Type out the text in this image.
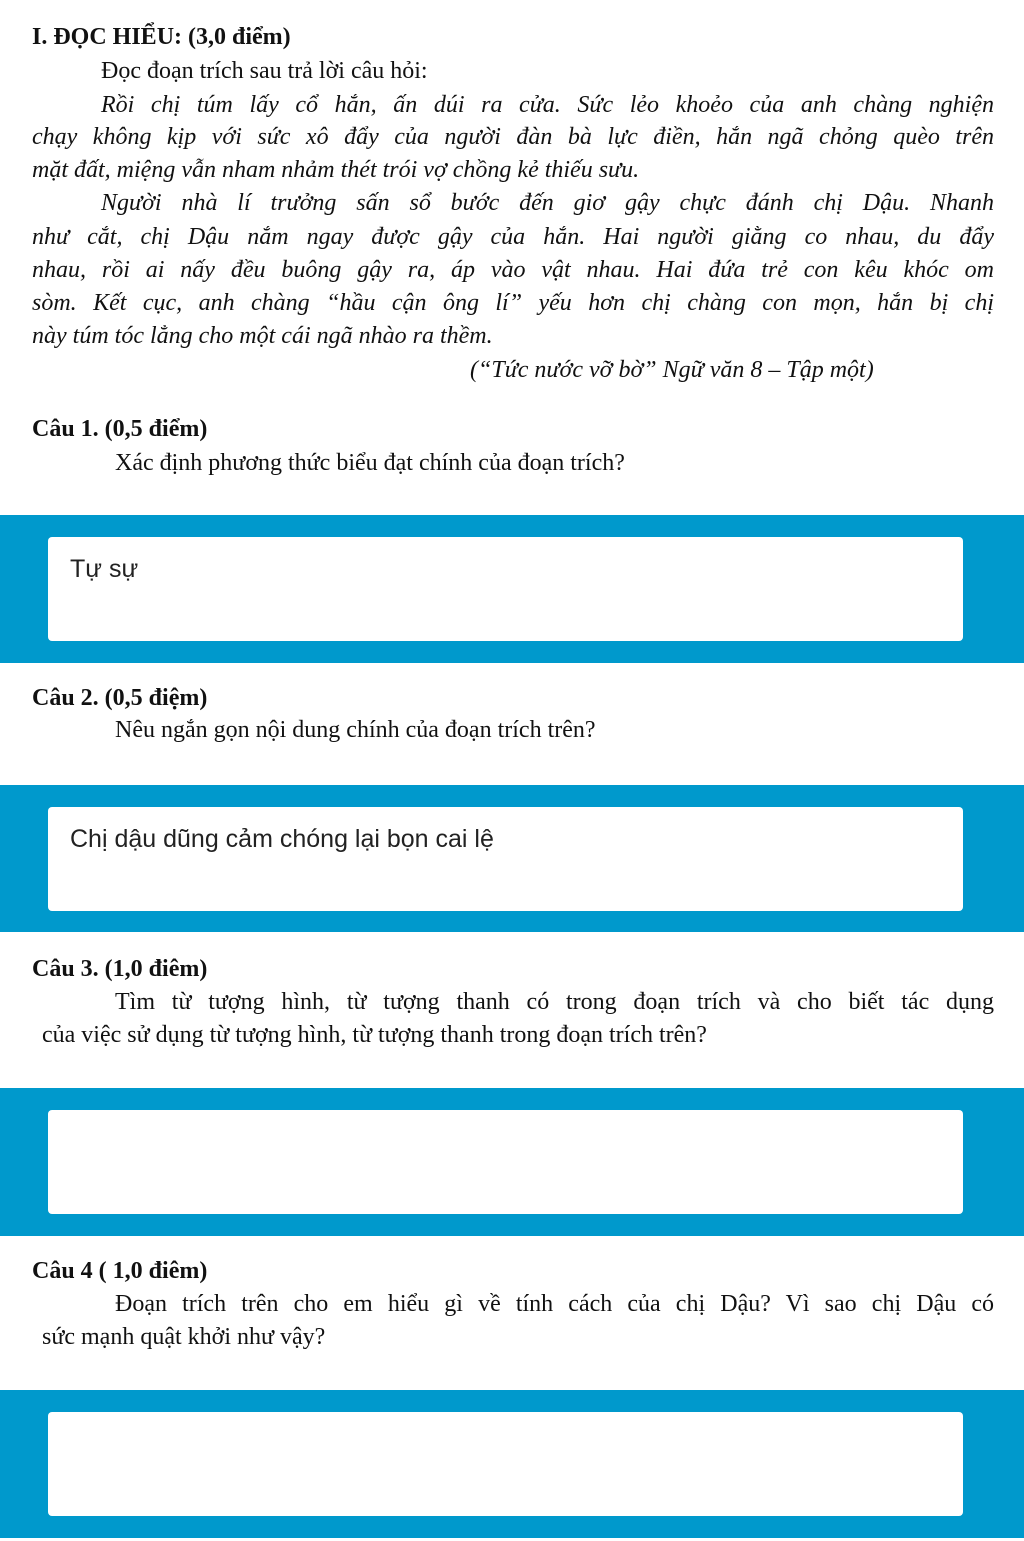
I. ĐỌC HIỂU: (3,0 điểm)
Đọc đoạn trích sau trả lời câu hỏi:
Rồi chị túm lấy cổ hắn, ấn dúi ra cửa. Sức lẻo khoẻo của anh chàng nghiện
chạy không kịp với sức xô đẩy của người đàn bà lực điền, hắn ngã chỏng quèo trên
mặt đất, miệng vẫn nham nhảm thét trói vợ chồng kẻ thiếu sưu.
Người nhà lí trưởng sấn sổ bước đến giơ gậy chực đánh chị Dậu. Nhanh
như cắt, chị Dậu nắm ngay được gậy của hắn. Hai người giằng co nhau, du đẩy
nhau, rồi ai nấy đều buông gậy ra, áp vào vật nhau. Hai đứa trẻ con kêu khóc om
sòm. Kết cục, anh chàng “hầu cận ông lí” yếu hơn chị chàng con mọn, hắn bị chị
này túm tóc lẳng cho một cái ngã nhào ra thềm.
(“Tức nước vỡ bờ” Ngữ văn 8 – Tập một)
Câu 1. (0,5 điểm)
Xác định phương thức biểu đạt chính của đoạn trích?
Tự sự
Câu 2. (0,5 điệm)
Nêu ngắn gọn nội dung chính của đoạn trích trên?
Chị dậu dũng cảm chóng lại bọn cai lệ
Câu 3. (1,0 điêm)
Tìm từ tượng hình, từ tượng thanh có trong đoạn trích và cho biết tác dụng
của việc sử dụng từ tượng hình, từ tượng thanh trong đoạn trích trên?
Câu 4 ( 1,0 điêm)
Đoạn trích trên cho em hiểu gì về tính cách của chị Dậu? Vì sao chị Dậu có
sức mạnh quật khởi như vậy?
